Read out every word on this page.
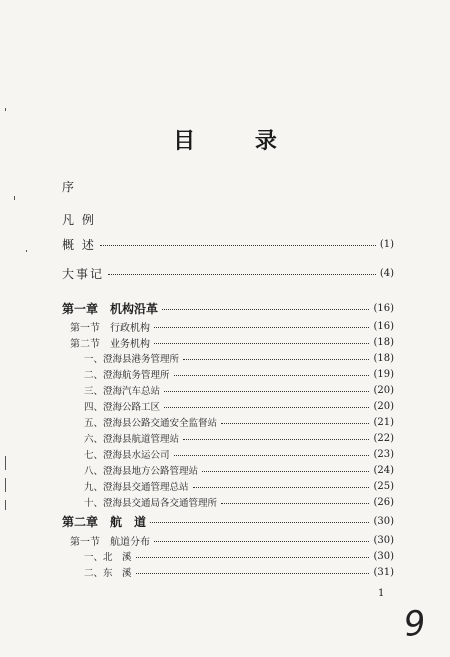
目 录
序
凡 例
概 述	(1)
大事记	(4)
第一章　机构沿革	(16)
第一节　行政机构	(16)
第二节　业务机构	(18)
一、澄海县港务管理所	(18)
二、澄海航务管理所	(19)
三、澄海汽车总站	(20)
四、澄海公路工区	(20)
五、澄海县公路交通安全监督站	(21)
六、澄海县航道管理站	(22)
七、澄海县水运公司	(23)
八、澄海县地方公路管理站	(24)
九、澄海县交通管理总站	(25)
十、澄海县交通局各交通管理所	(26)
第二章　航　道	(30)
第一节　航道分布	(30)
一、北　溪	(30)
二、东　溪	(31)
1
9
